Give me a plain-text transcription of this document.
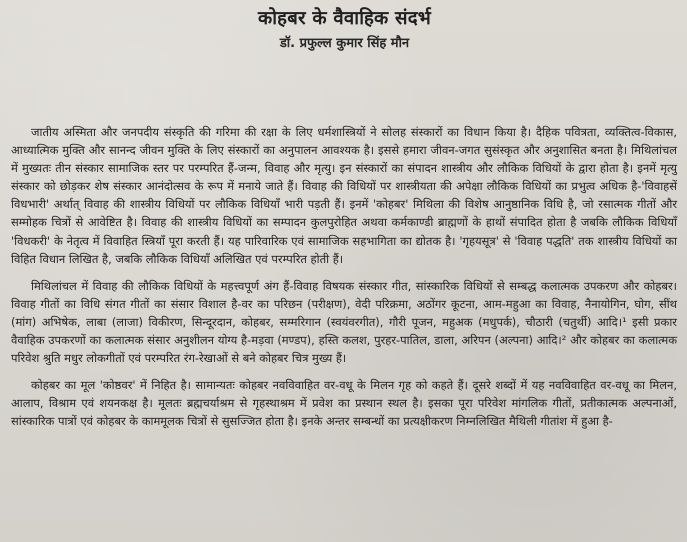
कोहबर के वैवाहिक संदर्भ
डॉ. प्रफुल्ल कुमार सिंह मौन

जातीय अस्मिता और जनपदीय संस्कृति की गरिमा की रक्षा के लिए धर्मशास्त्रियों ने सोलह संस्कारों का विधान किया है। दैहिक पवित्रता, व्यक्तित्व-विकास, आध्यात्मिक मुक्ति और सानन्द जीवन मुक्ति के लिए संस्कारों का अनुपालन आवश्यक है। इससे हमारा जीवन-जगत सुसंस्कृत और अनुशासित बनता है। मिथिलांचल में मुख्यतः तीन संस्कार सामाजिक स्तर पर परम्परित हैं-जन्म, विवाह और मृत्यु। इन संस्कारों का संपादन शास्त्रीय और लौकिक विधियों के द्वारा होता है। इनमें मृत्यु संस्कार को छोड़कर शेष संस्कार आनंदोत्सव के रूप में मनाये जाते हैं। विवाह की विधियों पर शास्त्रीयता की अपेक्षा लौकिक विधियों का प्रभुत्व अधिक है-'विवाहसें विधभारी' अर्थात् विवाह की शास्त्रीय विधियों पर लौकिक विधियाँ भारी पड़ती हैं। इनमें 'कोहबर' मिथिला की विशेष आनुष्ठानिक विधि है, जो रसात्मक गीतों और सम्मोहक चित्रों से आवेष्टित है। विवाह की शास्त्रीय विधियों का सम्पादन कुलपुरोहित अथवा कर्मकाण्डी ब्राह्मणों के हाथों संपादित होता है जबकि लौकिक विधियाँ 'विधकरी' के नेतृत्व में विवाहित स्त्रियाँ पूरा करती हैं। यह पारिवारिक एवं सामाजिक सहभागिता का द्योतक है। 'गृहयसूत्र' से 'विवाह पद्धति' तक शास्त्रीय विधियों का विहित विधान लिखित है, जबकि लौकिक विधियाँ अलिखित एवं परम्परित होती हैं।

मिथिलांचल में विवाह की लौकिक विधियों के महत्त्वपूर्ण अंग हैं-विवाह विषयक संस्कार गीत, सांस्कारिक विधियों से सम्बद्ध कलात्मक उपकरण और कोहबर। विवाह गीतों का विधि संगत गीतों का संसार विशाल है-वर का परिछन (परीक्षण), वेदी परिक्रमा, अठोंगर कूटना, आम-महुआ का विवाह, नैनायोगिन, घोग, सींथ (मांग) अभिषेक, लाबा (लाजा) विकीरण, सिन्दूरदान, कोहबर, सम्मरिगान (स्वयंवरगीत), गौरी पूजन, महुअक (मधुपर्क), चौठारी (चतुर्थी) आदि।¹ इसी प्रकार वैवाहिक उपकरणों का कलात्मक संसार अनुशीलन योग्य है-मड़वा (मण्डप), हस्ति कलश, पुरहर-पातिल, डाला, अरिपन (अल्पना) आदि।² और कोहबर का कलात्मक परिवेश श्रुति मधुर लोकगीतों एवं परम्परित रंग-रेखाओं से बने कोहबर चित्र मुख्य हैं।

कोहबर का मूल 'कोष्ठवर' में निहित है। सामान्यतः कोहबर नवविवाहित वर-वधू के मिलन गृह को कहते हैं। दूसरे शब्दों में यह नवविवाहित वर-वधू का मिलन, आलाप, विश्राम एवं शयनकक्ष है। मूलतः ब्रह्मचर्याश्रम से गृहस्थाश्रम में प्रवेश का प्रस्थान स्थल है। इसका पूरा परिवेश मांगलिक गीतों, प्रतीकात्मक अल्पनाओं, सांस्कारिक पात्रों एवं कोहबर के काममूलक चित्रों से सुसज्जित होता है। इनके अन्तर सम्बन्धों का प्रत्यक्षीकरण निम्नलिखित मैथिली गीतांश में हुआ है-
